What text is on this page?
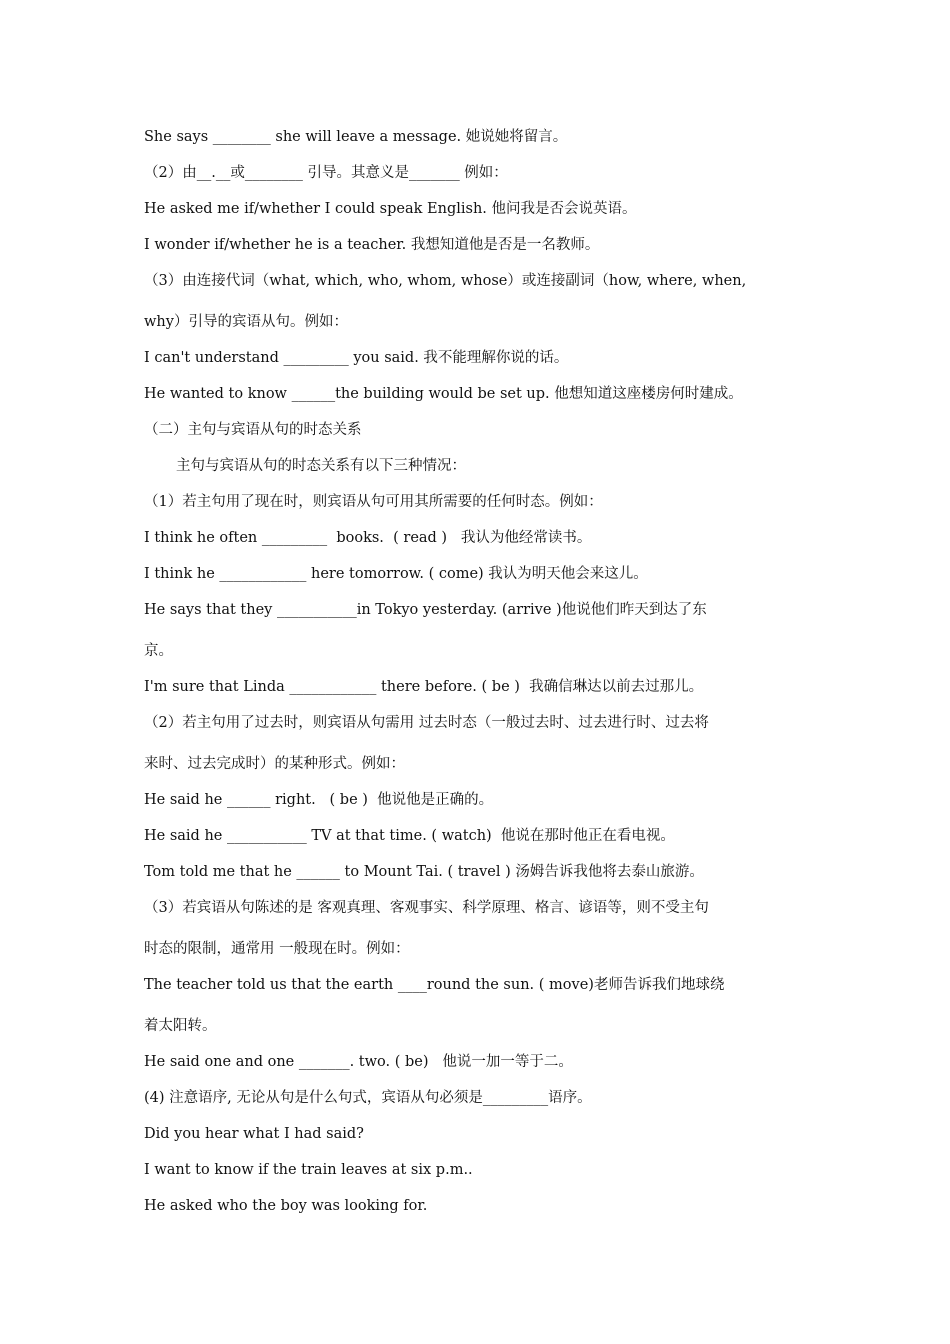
She says ________ she will leave a message. 她说她将留言。
（2）由__.__或________ 引导。其意义是_______ 例如：
He asked me if/whether I could speak English. 他问我是否会说英语。
I wonder if/whether he is a teacher. 我想知道他是否是一名教师。
（3）由连接代词（what, which, who, whom, whose）或连接副词（how, where, when,
why）引导的宾语从句。例如：
I can't understand _________ you said. 我不能理解你说的话。
He wanted to know ______the building would be set up. 他想知道这座楼房何时建成。
（二）主句与宾语从句的时态关系
主句与宾语从句的时态关系有以下三种情况：
（1）若主句用了现在时，则宾语从句可用其所需要的任何时态。例如：
I think he often _________  books.  ( read )   我认为他经常读书。
I think he ____________ here tomorrow. ( come) 我认为明天他会来这儿。
He says that they ___________in Tokyo yesterday. (arrive )他说他们昨天到达了东
京。
I'm sure that Linda ____________ there before. ( be )  我确信琳达以前去过那儿。
（2）若主句用了过去时，则宾语从句需用 过去时态（一般过去时、过去进行时、过去将
来时、过去完成时）的某种形式。例如：
He said he ______ right.   ( be )  他说他是正确的。
He said he ___________ TV at that time. ( watch)  他说在那时他正在看电视。
Tom told me that he ______ to Mount Tai. ( travel ) 汤姆告诉我他将去泰山旅游。
（3）若宾语从句陈述的是 客观真理、客观事实、科学原理、格言、谚语等，则不受主句
时态的限制，通常用 一般现在时。例如：
The teacher told us that the earth ____round the sun. ( move)老师告诉我们地球绕
着太阳转。
He said one and one _______. two. ( be)   他说一加一等于二。
(4) 注意语序, 无论从句是什么句式，宾语从句必须是_________语序。
Did you hear what I had said?
I want to know if the train leaves at six p.m..
He asked who the boy was looking for.
